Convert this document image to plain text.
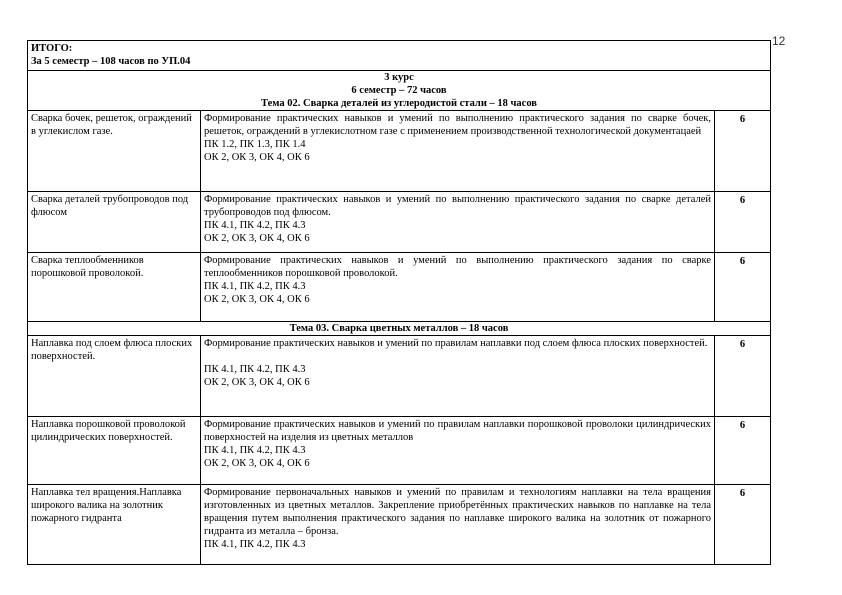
12
ИТОГО:
За 5 семестр – 108 часов по УП.04		

3 курс
6 семестр – 72 часов
Тема 02. Сварка деталей из углеродистой стали – 18 часов		

Сварка бочек, решеток, ограждений в углекислом газе.	Формирование практических навыков и умений по выполнению практического задания по сварке бочек, решеток, ограждений в углекислотном газе с применением производственной технологической документацаей
ПК 1.2, ПК 1.3, ПК 1.4
ОК 2, ОК 3, ОК 4, ОК 6	6
Сварка деталей трубопроводов под флюсом	Формирование практических навыков и умений по выполнению практического задания по сварке деталей трубопроводов под флюсом.
ПК 4.1, ПК 4.2, ПК 4.3
ОК 2, ОК 3, ОК 4, ОК 6	6
Сварка теплообменников порошковой проволокой.	Формирование практических навыков и умений по выполнению практического задания по сварке теплообменников порошковой проволокой.
ПК 4.1, ПК 4.2, ПК 4.3
ОК 2, ОК 3, ОК 4, ОК 6	6
Тема 03. Сварка цветных металлов – 18 часов		
Наплавка под слоем флюса плоских поверхностей.	Формирование практических навыков и умений по правилам наплавки под слоем флюса плоских поверхностей.
ПК 4.1, ПК 4.2, ПК 4.3
ОК 2, ОК 3, ОК 4, ОК 6	6
Наплавка порошковой проволокой цилиндрических поверхностей.	Формирование практических навыков и умений по правилам наплавки порошковой проволоки цилиндрических поверхностей на изделия из цветных металлов
ПК 4.1, ПК 4.2, ПК 4.3
ОК 2, ОК 3, ОК 4, ОК 6	6
Наплавка тел вращения.Наплавка широкого валика на золотник пожарного гидранта	Формирование первоначальных навыков и умений по правилам и технологиям наплавки на тела вращения изготовленных из цветных металлов. Закрепление приобретённых практических навыков по наплавке на тела вращения путем выполнения практического задания по наплавке широкого валика на золотник от пожарного гидранта из металла – бронза.
ПК 4.1, ПК 4.2, ПК 4.3	6
